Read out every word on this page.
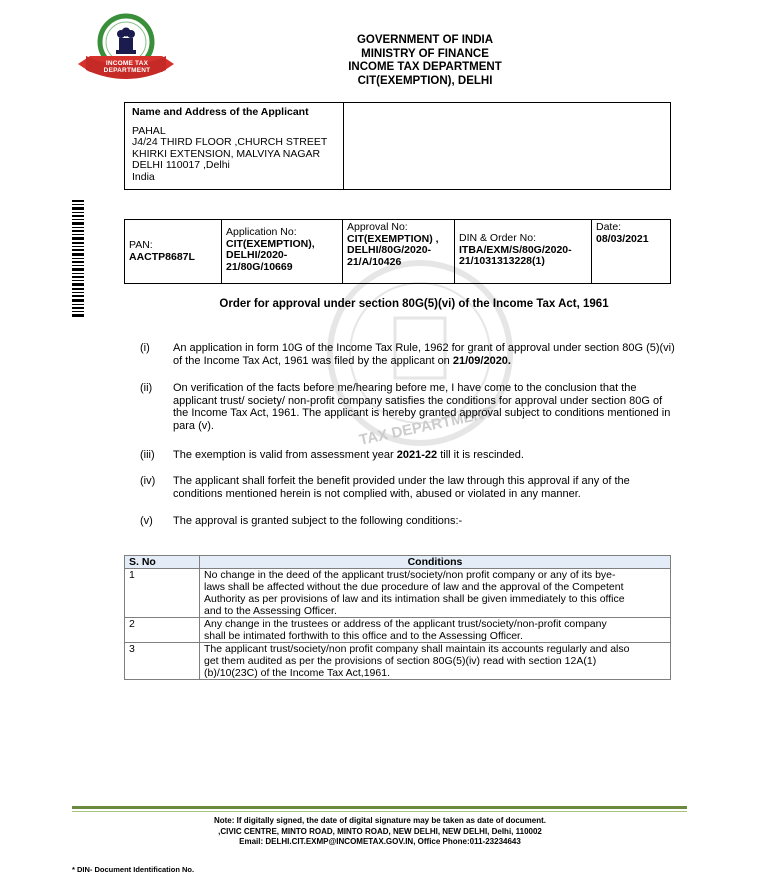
INCOME TAX DEPARTMENT
TAX DEPARTMENT
GOVERNMENT OF INDIA
MINISTRY OF FINANCE
INCOME TAX DEPARTMENT
CIT(EXEMPTION), DELHI
Name and Address of the Applicant
PAHAL
J4/24 THIRD FLOOR ,CHURCH STREET
KHIRKI EXTENSION, MALVIYA NAGAR
DELHI 110017 ,Delhi
India
PAN:
AACTP8687L

Application No:
CIT(EXEMPTION), DELHI/2020-21/80G/10669

Approval No:
CIT(EXEMPTION) , DELHI/80G/2020-21/A/10426

DIN & Order No:
ITBA/EXM/S/80G/2020-21/1031313228(1)

Date:
08/03/2021
Order for approval under section 80G(5)(vi) of the Income Tax Act, 1961
(i)	An application in form 10G of the Income Tax Rule, 1962 for grant of approval under section 80G (5)(vi) of the Income Tax Act, 1961 was filed by the applicant on 21/09/2020.
(ii)	On verification of the facts before me/hearing before me, I have come to the conclusion that the applicant trust/ society/ non-profit company satisfies the conditions for approval under section 80G of the Income Tax Act, 1961. The applicant is hereby granted approval subject to conditions mentioned in para (v).
(iii)	The exemption is valid from assessment year 2021-22 till it is rescinded.
(iv)	The applicant shall forfeit the benefit provided under the law through this approval if any of the conditions mentioned herein is not complied with, abused or violated in any manner.
(v)	The approval is granted subject to the following conditions:-
S. No	Conditions
1	No change in the deed of the applicant trust/society/non profit company or any of its bye-laws shall be affected without the due procedure of law and the approval of the Competent Authority as per provisions of law and its intimation shall be given immediately to this office and to the Assessing Officer.
2	Any change in the trustees or address of the applicant trust/society/non-profit company shall be intimated forthwith to this office and to the Assessing Officer.
3	The applicant trust/society/non profit company shall maintain its accounts regularly and also get them audited as per the provisions of section 80G(5)(iv) read with section 12A(1)(b)/10(23C) of the Income Tax Act,1961.
Note: If digitally signed, the date of digital signature may be taken as date of document.
,CIVIC CENTRE, MINTO ROAD, MINTO ROAD, NEW DELHI, NEW DELHI, Delhi, 110002
Email: DELHI.CIT.EXMP@INCOMETAX.GOV.IN, Office Phone:011-23234643
* DIN- Document Identification No.
